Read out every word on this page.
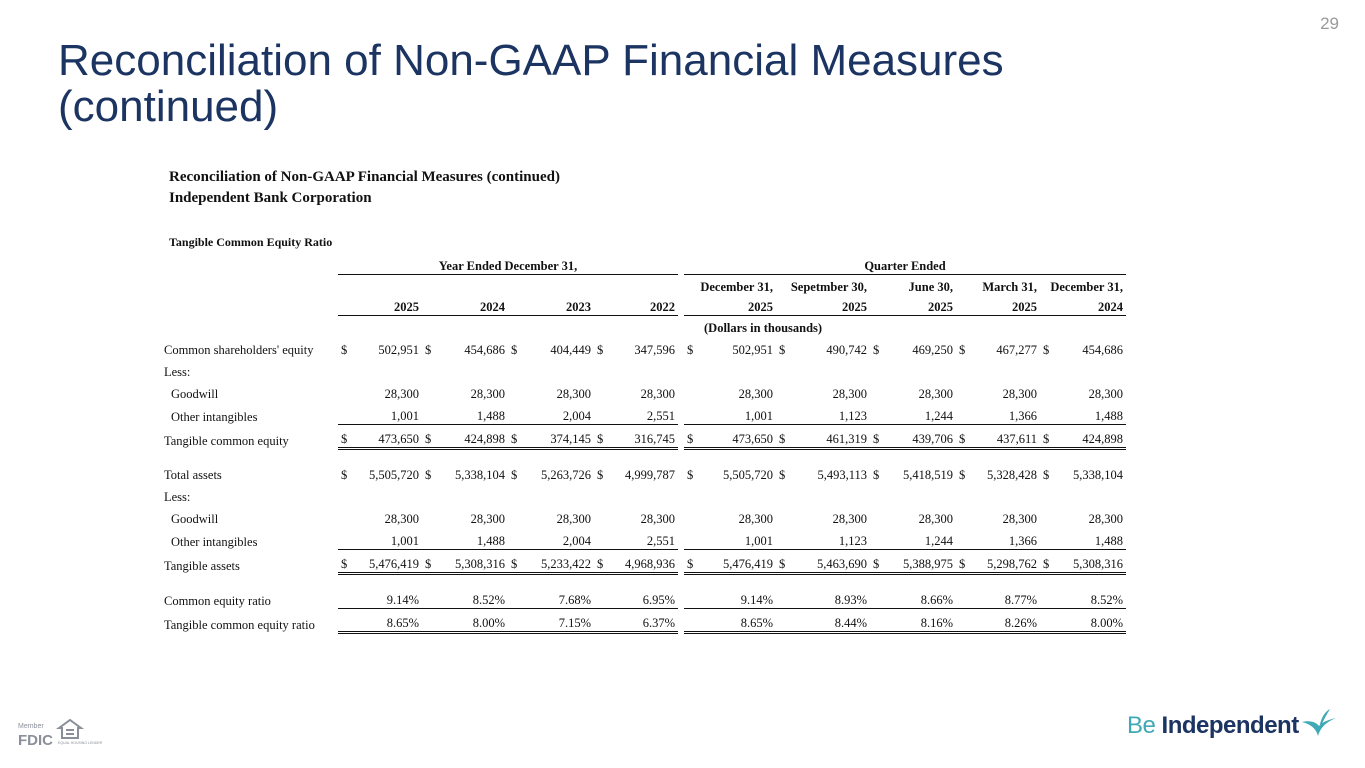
29
Reconciliation of Non-GAAP Financial Measures (continued)
Reconciliation of Non-GAAP Financial Measures (continued)
Independent Bank Corporation
Tangible Common Equity Ratio
	Year Ended December 31,					Quarter Ended				
						December 31,	Sepetmber 30,	June 30,	March 31,	December 31,
	2025	2024	2023	2022		2025	2025	2025	2025	2024
						(Dollars in thousands)				
Common shareholders' equity	$ 502,951	$ 454,686	$ 404,449	$ 347,596		$ 502,951	$ 490,742	$ 469,250	$ 467,277	$ 454,686

Less:										
Goodwill	28,300	28,300	28,300	28,300		28,300	28,300	28,300	28,300	28,300

Other intangibles	1,001	1,488	2,004	2,551		1,001	1,123	1,244	1,366	1,488

Tangible common equity	$ 473,650	$ 424,898	$ 374,145	$ 316,745		$ 473,650	$ 461,319	$ 439,706	$ 437,611	$ 424,898

Total assets	$ 5,505,720	$ 5,338,104	$ 5,263,726	$ 4,999,787		$ 5,505,720	$ 5,493,113	$ 5,418,519	$ 5,328,428	$ 5,338,104

Less:										
Goodwill	28,300	28,300	28,300	28,300		28,300	28,300	28,300	28,300	28,300

Other intangibles	1,001	1,488	2,004	2,551		1,001	1,123	1,244	1,366	1,488

Tangible assets	$ 5,476,419	$ 5,308,316	$ 5,233,422	$ 4,968,936		$ 5,476,419	$ 5,463,690	$ 5,388,975	$ 5,298,762	$ 5,308,316

Common equity ratio	9.14%	8.52%	7.68%	6.95%		9.14%	8.93%	8.66%	8.77%	8.52%

Tangible common equity ratio	8.65%	8.00%	7.15%	6.37%		8.65%	8.44%	8.16%	8.26%	8.00%
Member
FDIC EQUAL HOUSING LENDER
Be Independent
